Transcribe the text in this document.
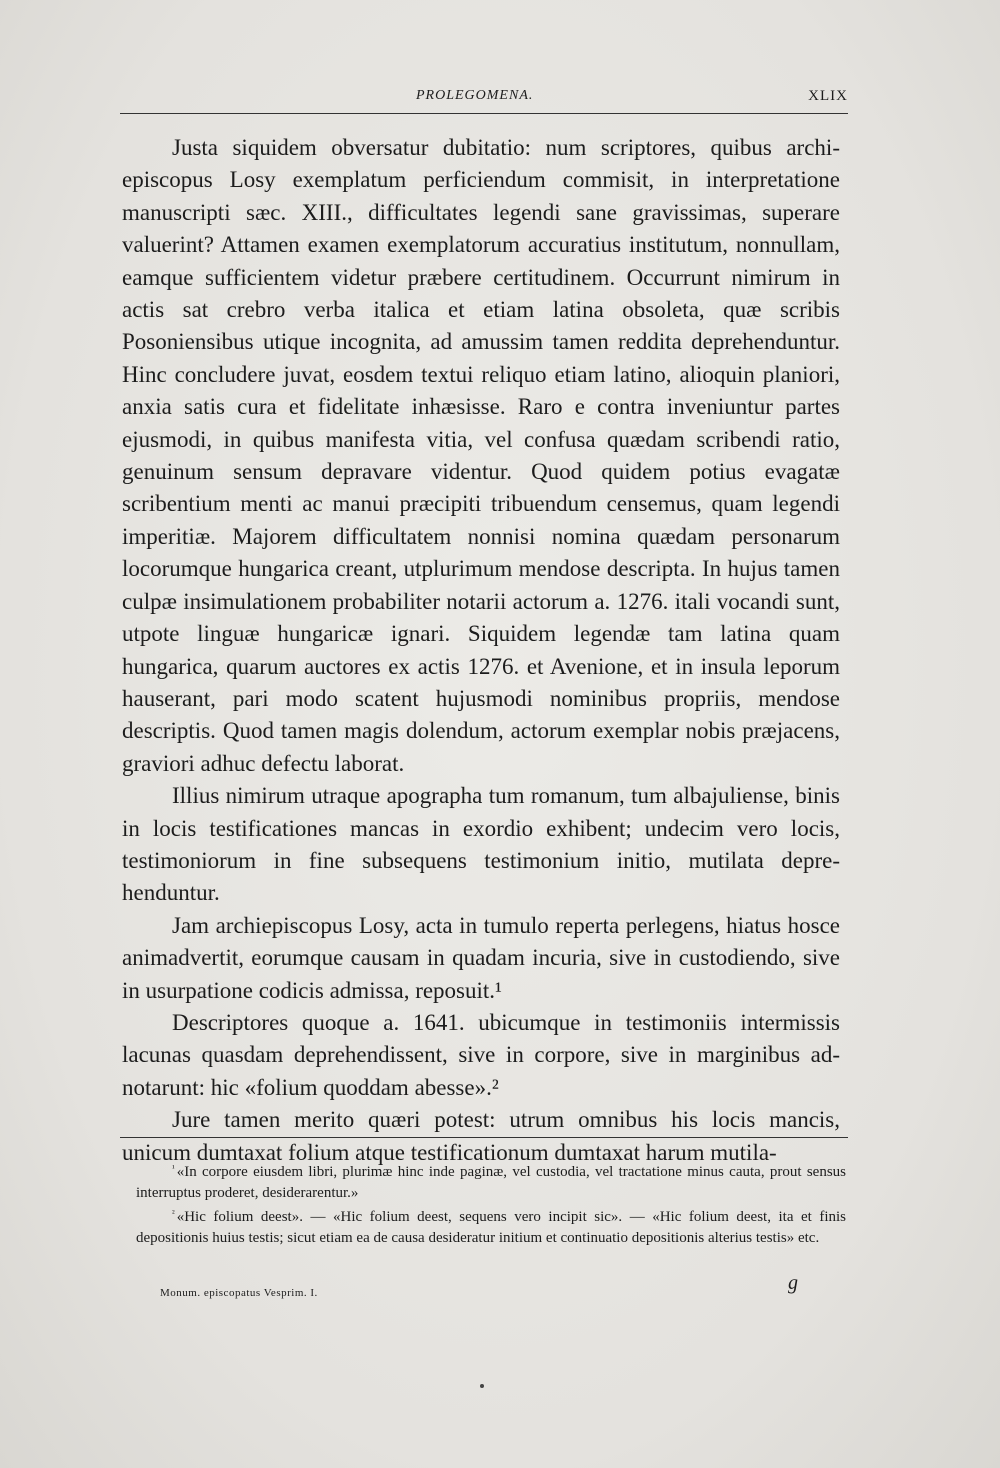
PROLEGOMENA.	XLIX

Justa siquidem obversatur dubitatio: num scriptores, quibus archiepiscopus Losy exemplatum perficiendum commisit, in interpretatione manuscripti sæc. XIII., difficultates legendi sane gravissimas, superare valuerint? Attamen examen exemplatorum accuratius institutum, nonnullam, eamque sufficientem videtur præbere certitudinem. Occurrunt nimirum in actis sat crebro verba italica et etiam latina obsoleta, quæ scribis Posoniensibus utique incognita, ad amussim tamen reddita deprehenduntur. Hinc concludere juvat, eosdem textui reliquo etiam latino, alioquin planiori, anxia satis cura et fidelitate inhæsisse. Raro e contra inveniuntur partes ejusmodi, in quibus manifesta vitia, vel confusa quædam scribendi ratio, genuinum sensum depravare videntur. Quod quidem potius evagatæ scribentium menti ac manui præcipiti tribuendum censemus, quam legendi imperitiæ. Majorem difficultatem nonnisi nomina quædam personarum locorumque hungarica creant, utplurimum mendose descripta. In hujus tamen culpæ insimulationem probabiliter notarii actorum a. 1276. itali vocandi sunt, utpote linguæ hungaricæ ignari. Siquidem legendæ tam latina quam hungarica, quarum auctores ex actis 1276. et Avenione, et in insula leporum hauserant, pari modo scatent hujusmodi nominibus propriis, mendose descriptis. Quod tamen magis dolendum, actorum exemplar nobis præjacens, graviori adhuc defectu laborat.

Illius nimirum utraque apographa tum romanum, tum albajuliense, binis in locis testificationes mancas in exordio exhibent; undecim vero locis, testimoniorum in fine subsequens testimonium initio, mutilata deprehenduntur.

Jam archiepiscopus Losy, acta in tumulo reperta perlegens, hiatus hosce animadvertit, eorumque causam in quadam incuria, sive in custodiendo, sive in usurpatione codicis admissa, reposuit.¹

Descriptores quoque a. 1641. ubicumque in testimoniis intermissis lacunas quasdam deprehendissent, sive in corpore, sive in marginibus adnotarunt: hic «folium quoddam abesse».²

Jure tamen merito quæri potest: utrum omnibus his locis mancis, unicum dumtaxat folium atque testificationum dumtaxat harum mutila-

$^{^1}$ «In corpore eiusdem libri, plurimæ hinc inde paginæ, vel custodia, vel tractatione minus cauta, prout sensus interruptus proderet, desiderarentur.»

$^{^2}$ «Hic folium deest». — «Hic folium deest, sequens vero incipit sic». — «Hic folium deest, ita et finis depositionis huius testis; sicut etiam ea de causa desideratur initium et continuatio depositionis alterius testis» etc.

Monum. episcopatus Vesprim. I.	g
